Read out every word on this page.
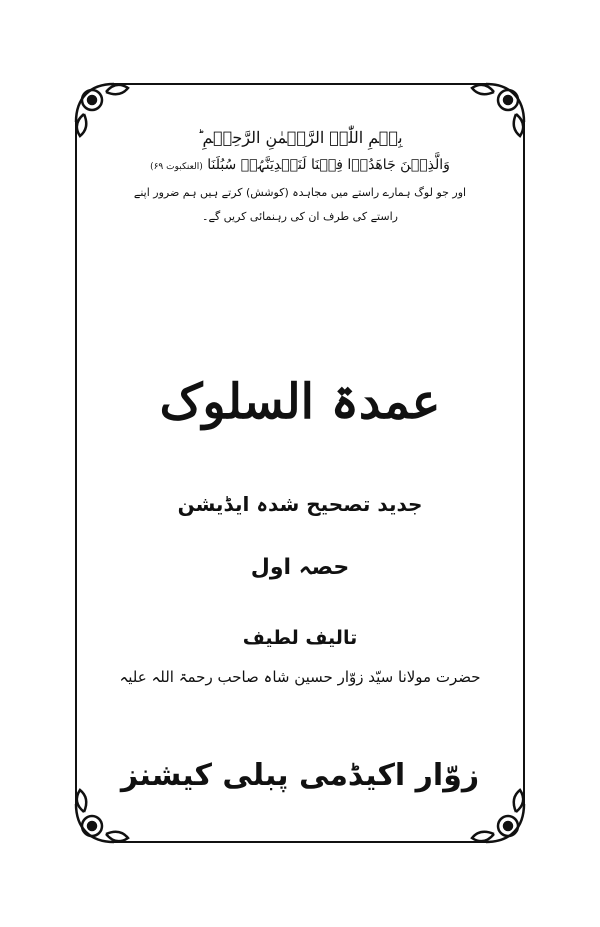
بِسۡمِ اللّٰہِ الرَّحۡمٰنِ الرَّحِیۡمِ ؕ
وَالَّذِیۡنَ جَاھَدُوۡا فِیۡنَا لَنَہۡدِیَنَّہُمۡ سُبُلَنَا (العنکبوت ۶۹)
اور جو لوگ ہمارے راستے میں مجاہدہ (کوشش) کرتے ہیں ہم ضرور اپنے
راستے کی طرف ان کی رہنمائی کریں گے۔
عمدۃ السلوک
جدید تصحیح شدہ ایڈیشن
حصہ اول
تالیف لطیف
حضرت مولانا سیّد زوّار حسین شاہ صاحب رحمۃ اللہ علیہ
زوّار اکیڈمی پبلی کیشنز
